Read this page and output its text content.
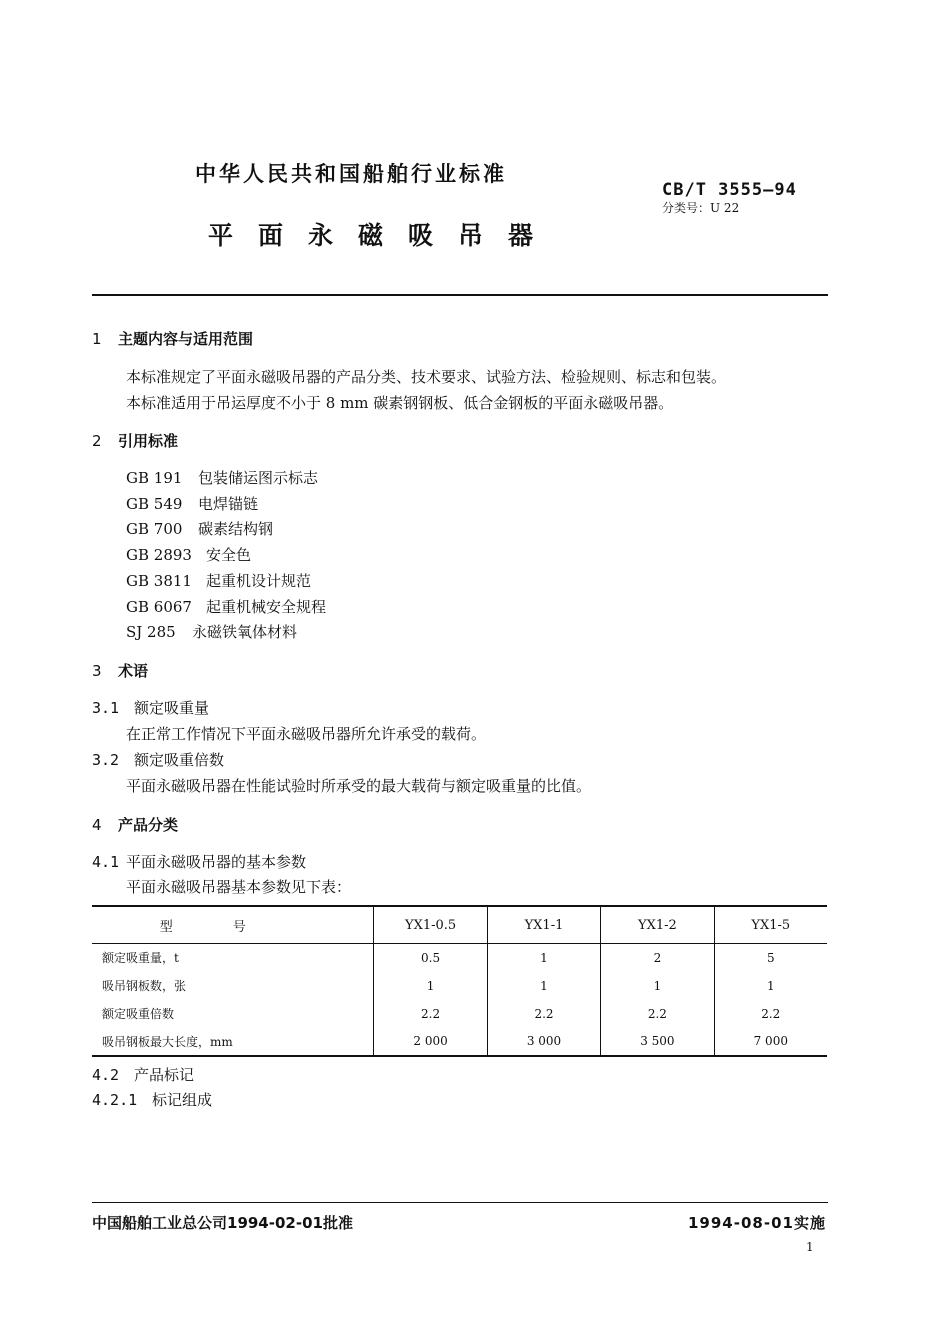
中华人民共和国船舶行业标准
平面永磁吸吊器
CB/T 3555—94
分类号：U 22
1 主题内容与适用范围
本标准规定了平面永磁吸吊器的产品分类、技术要求、试验方法、检验规则、标志和包装。
本标准适用于吊运厚度不小于 8 mm 碳素钢钢板、低合金钢板的平面永磁吸吊器。
2 引用标准
GB 191 包装储运图示标志
GB 549 电焊锚链
GB 700 碳素结构钢
GB 2893 安全色
GB 3811 起重机设计规范
GB 6067 起重机械安全规程
SJ 285 永磁铁氧体材料
3 术语
3.1 额定吸重量
在正常工作情况下平面永磁吸吊器所允许承受的载荷。
3.2 额定吸重倍数
平面永磁吸吊器在性能试验时所承受的最大载荷与额定吸重量的比值。
4 产品分类
4.1 平面永磁吸吊器的基本参数
平面永磁吸吊器基本参数见下表：
型号	YX1-0.5	YX1-1	YX1-2	YX1-5
额定吸重量，t	0.5	1	2	5
吸吊钢板数，张	1	1	1	1
额定吸重倍数	2.2	2.2	2.2	2.2
吸吊钢板最大长度，mm	2 000	3 000	3 500	7 000
4.2 产品标记
4.2.1 标记组成
中国船舶工业总公司1994-02-01批准	1994-08-01实施
1
